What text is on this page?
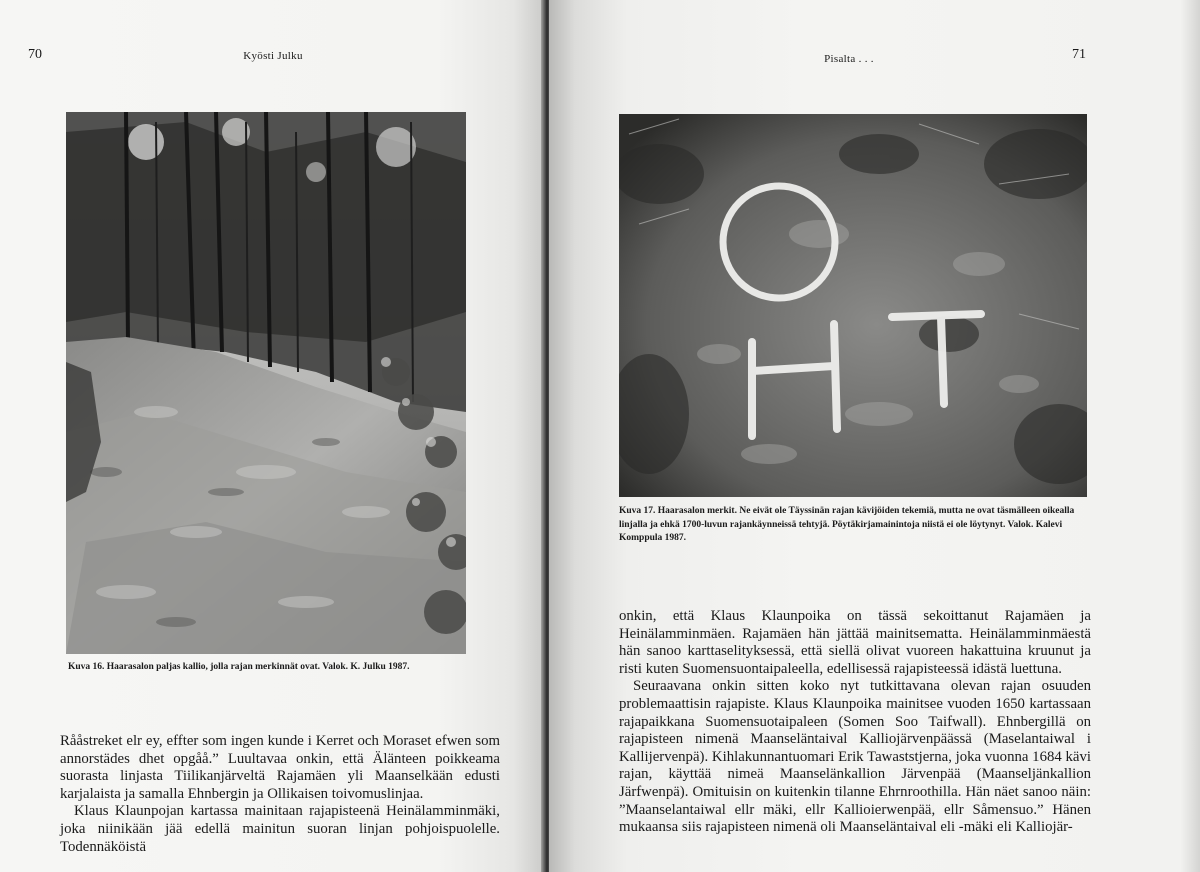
70	Kyösti Julku

Kuva 16. Haarasalon paljas kallio, jolla rajan merkinnät ovat. Valok. K. Julku 1987.

Rååstreket elr ey, effter som ingen kunde i Kerret och Moraset efwen som annorstädes dhet opgåå.” Luultavaa onkin, että Älänteen poikkeama suorasta linjasta Tiilikanjärveltä Rajamäen yli Maanselkään edusti karjalaista ja samalla Ehnbergin ja Ollikaisen toivomuslinjaa.

Klaus Klaunpojan kartassa mainitaan rajapisteenä Heinälamminmäki, joka niinikään jää edellä mainitun suoran linjan pohjoispuolelle. Todennäköistä

Pisalta . . .	71

Kuva 17. Haarasalon merkit. Ne eivät ole Täyssinän rajan kävijöiden tekemiä, mutta ne ovat täsmälleen oikealla linjalla ja ehkä 1700-luvun rajankäynneissä tehtyjä. Pöytäkirjamainintoja niistä ei ole löytynyt. Valok. Kalevi Komppula 1987.

onkin, että Klaus Klaunpoika on tässä sekoittanut Rajamäen ja Heinälamminmäen. Rajamäen hän jättää mainitsematta. Heinälamminmäestä hän sanoo karttaselityksessä, että siellä olivat vuoreen hakattuina kruunut ja risti kuten Suomensuontaipaleella, edellisessä rajapisteessä idästä luettuna.

Seuraavana onkin sitten koko nyt tutkittavana olevan rajan osuuden problemaattisin rajapiste. Klaus Klaunpoika mainitsee vuoden 1650 kartassaan rajapaikkana Suomensuotaipaleen (Somen Soo Taifwall). Ehnbergillä on rajapisteen nimenä Maanseläntaival Kalliojärvenpäässä (Maselantaiwal i Kallijervenpä). Kihlakunnantuomari Erik Tawaststjerna, joka vuonna 1684 kävi rajan, käyttää nimeä Maanselänkallion Järvenpää (Maanseljänkallion Järfwenpä). Omituisin on kuitenkin tilanne Ehrnroothilla. Hän näet sanoo näin: ”Maanselantaiwal ellr mäki, ellr Kallioierwenpää, ellr Såmensuo.” Hänen mukaansa siis rajapisteen nimenä oli Maanseläntaival eli -mäki eli Kalliojär-
